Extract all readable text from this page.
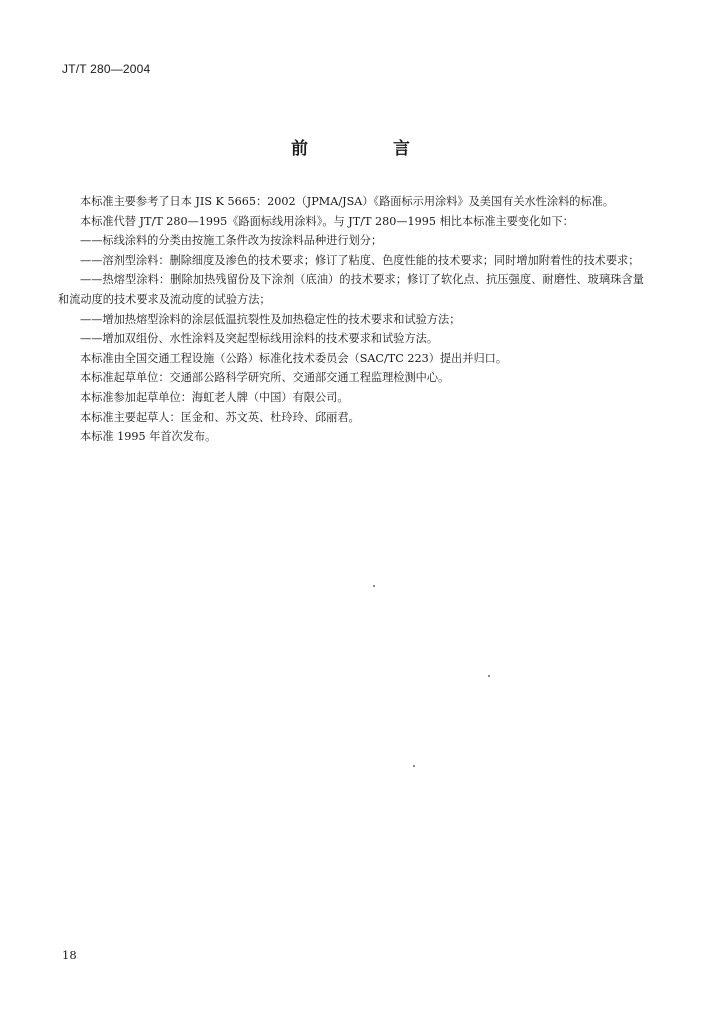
JT/T 280—2004
前　言

本标准主要参考了日本 JIS K 5665：2002（JPMA/JSA）《路面标示用涂料》及美国有关水性涂料的标准。

本标准代替 JT/T 280—1995《路面标线用涂料》。与 JT/T 280—1995 相比本标准主要变化如下：

——标线涂料的分类由按施工条件改为按涂料品种进行划分；

——溶剂型涂料：删除细度及渗色的技术要求；修订了粘度、色度性能的技术要求；同时增加附着性的技术要求；

——热熔型涂料：删除加热残留份及下涂剂（底油）的技术要求；修订了软化点、抗压强度、耐磨性、玻璃珠含量和流动度的技术要求及流动度的试验方法；

——增加热熔型涂料的涂层低温抗裂性及加热稳定性的技术要求和试验方法；

——增加双组份、水性涂料及突起型标线用涂料的技术要求和试验方法。

本标准由全国交通工程设施（公路）标准化技术委员会（SAC/TC 223）提出并归口。

本标准起草单位：交通部公路科学研究所、交通部交通工程监理检测中心。

本标准参加起草单位：海虹老人牌（中国）有限公司。

本标准主要起草人：匡金和、苏文英、杜玲玲、邱丽君。

本标准 1995 年首次发布。

18
